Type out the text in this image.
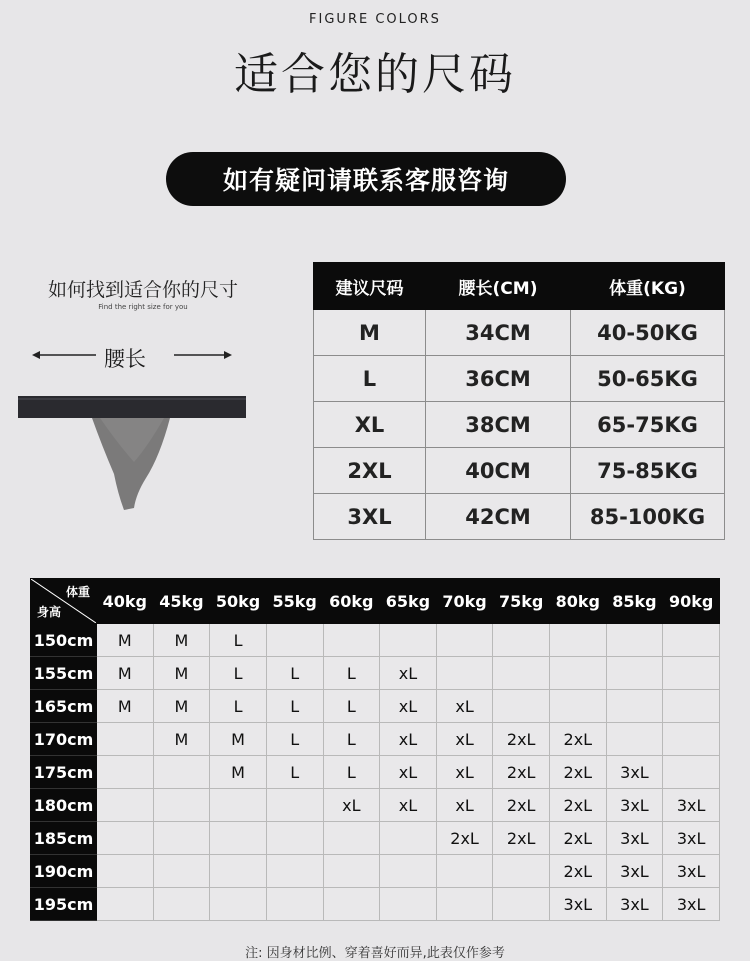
FIGURE COLORS
适合您的尺码
如有疑问请联系客服咨询
如何找到适合你的尺寸
Find the right size for you
腰长
建议尺码	腰长(CM)	体重(KG)
M	34CM	40-50KG
L	36CM	50-65KG
XL	38CM	65-75KG
2XL	40CM	75-85KG
3XL	42CM	85-100KG
体重
身高	40kg	45kg	50kg	55kg	60kg	65kg	70kg	75kg	80kg	85kg	90kg
150cm	M	M	L								
155cm	M	M	L	L	L	xL					
165cm	M	M	L	L	L	xL	xL				
170cm		M	M	L	L	xL	xL	2xL	2xL		
175cm			M	L	L	xL	xL	2xL	2xL	3xL	
180cm					xL	xL	xL	2xL	2xL	3xL	3xL
185cm							2xL	2xL	2xL	3xL	3xL
190cm									2xL	3xL	3xL
195cm									3xL	3xL	3xL
注: 因身材比例、穿着喜好而异,此表仅作参考
